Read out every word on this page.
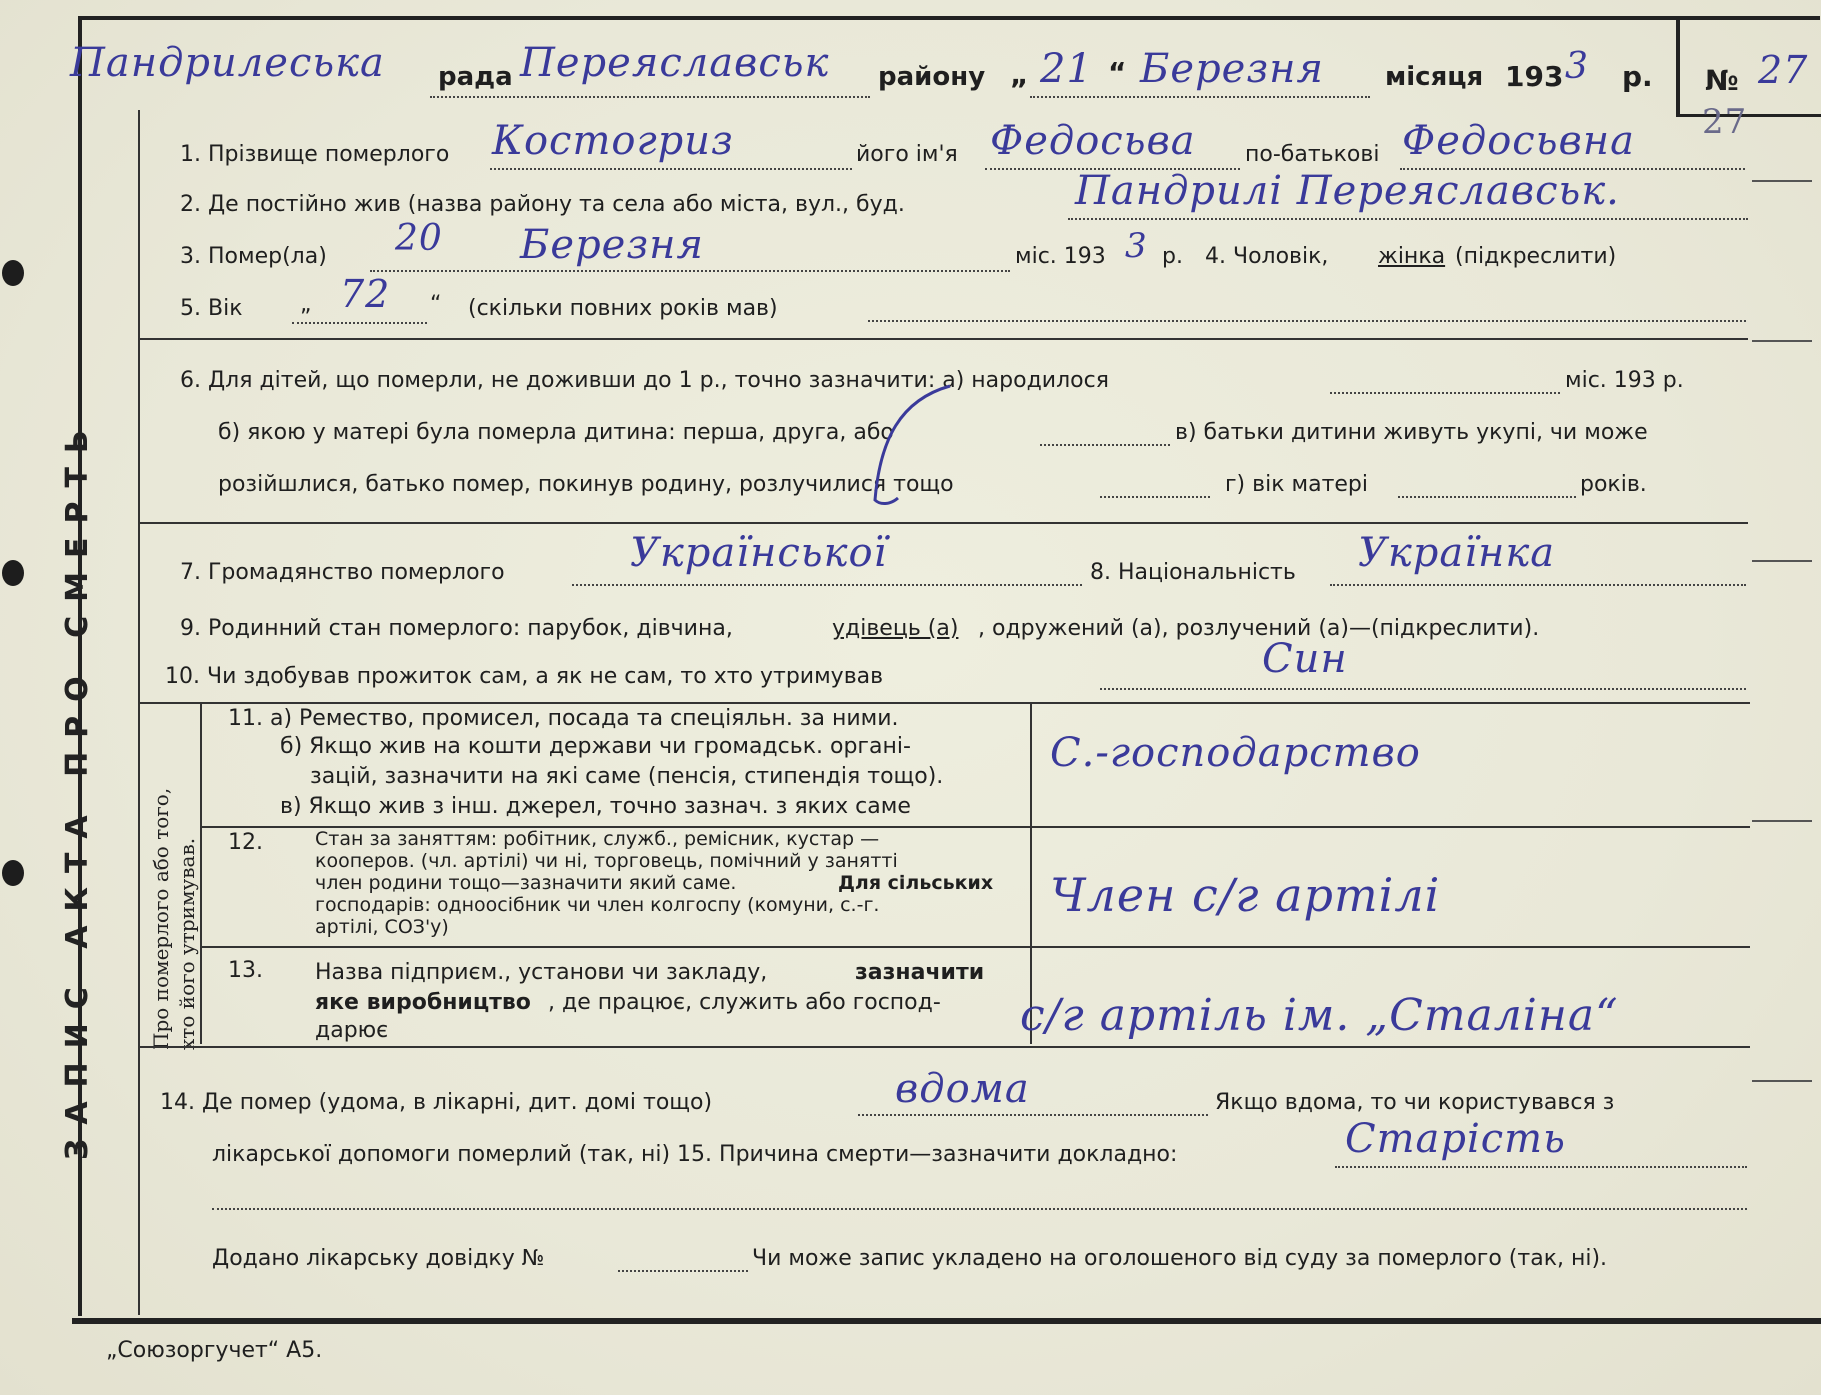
Пандрилеська рада Переяславськ району „ 21 “ Березня місяця 193 3 р. № 27
27
ЗАПИС АКТА ПРО СМЕРТЬ	Про померлого або того, хто його утримував.
1. Прізвище померлого Костогриз	його ім'я Федосьва по-батькові Федосьвна
2. Де постійно жив (назва району та села або міста, вул., буд.	Пандрилі Переяславськ.
3. Помер(ла) 20 Березня	міс. 193 3 р. 4. Чоловік, жінка (підкреслити)
5. Вік	„ 72 “ (скільки повних років мав)
6. Для дітей, що померли, не доживши до 1 р., точно зазначити: а) народилося	міс. 193 р.
б) якою у матері була померла дитина: перша, друга, або	в) батьки дитини живуть укупі, чи може
розійшлися, батько помер, покинув родину, розлучилися тощо	г) вік матері	років.
7. Громадянство померлого	Української	8. Національність Українка
9. Родинний стан померлого: парубок, дівчина,	удівець (а) , одружений (а), розлучений (а)—(підкреслити).
10. Чи здобував прожиток сам, а як не сам, то хто утримував	Син
11. а) Ремество, промисел, посада та спеціяльн. за ними.
б) Якщо жив на кошти держави чи громадськ. органі-
зацій, зазначити на які саме (пенсія, стипендія тощо).
в) Якщо жив з інш. джерел, точно зазнач. з яких саме
С.-господарство
12.	Стан за заняттям: робітник, служб., ремісник, кустар —
кооперов. (чл. артілі) чи ні, торговець, помічний у занятті
член родини тощо—зазначити який саме.	Для сільських
господарів: одноосібник чи член колгоспу (комуни, с.-г.
артілі, СОЗ'у)
Член с/г артілі
13. Назва підприєм., установи чи закладу,	зазначити
яке виробництво , де працює, служить або господ-
дарює	с/г артіль ім. „Сталіна“
14. Де помер (удома, в лікарні, дит. домі тощо)	вдома	Якщо вдома, то чи користувався з
лікарської допомоги померлий (так, ні) 15. Причина смерти—зазначити докладно:	Старість
Додано лікарську довідку №	Чи може запис укладено на оголошеного від суду за померлого (так, ні).
„Союзоргучет“ А5.
